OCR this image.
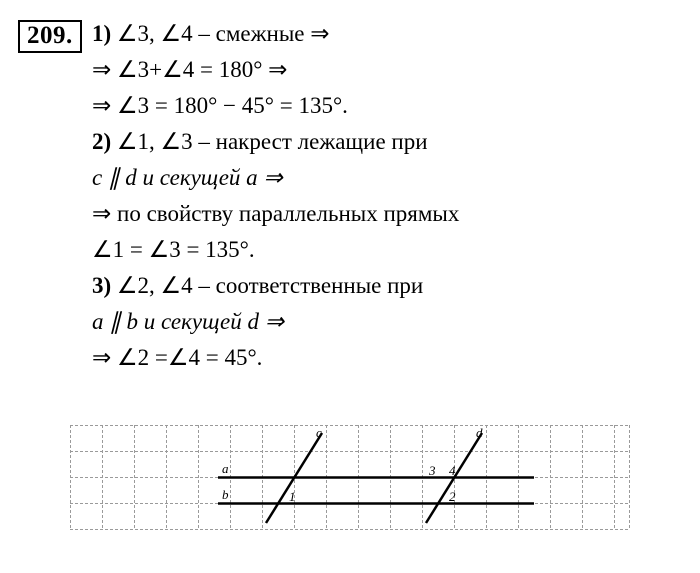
209. 1) ∠3, ∠4 – смежные ⇒
⇒ ∠3+∠4 = 180° ⇒
⇒ ∠3 = 180° − 45° = 135°.
2) ∠1, ∠3 – накрест лежащие при
c ∥ d и секущей a ⇒
⇒ по свойству параллельных прямых
∠1 = ∠3 = 135°.
3) ∠2, ∠4 – соответственные при
a ∥ b и секущей d ⇒
⇒ ∠2 =∠4 = 45°.
a
b
c	d
1	2
3 4
